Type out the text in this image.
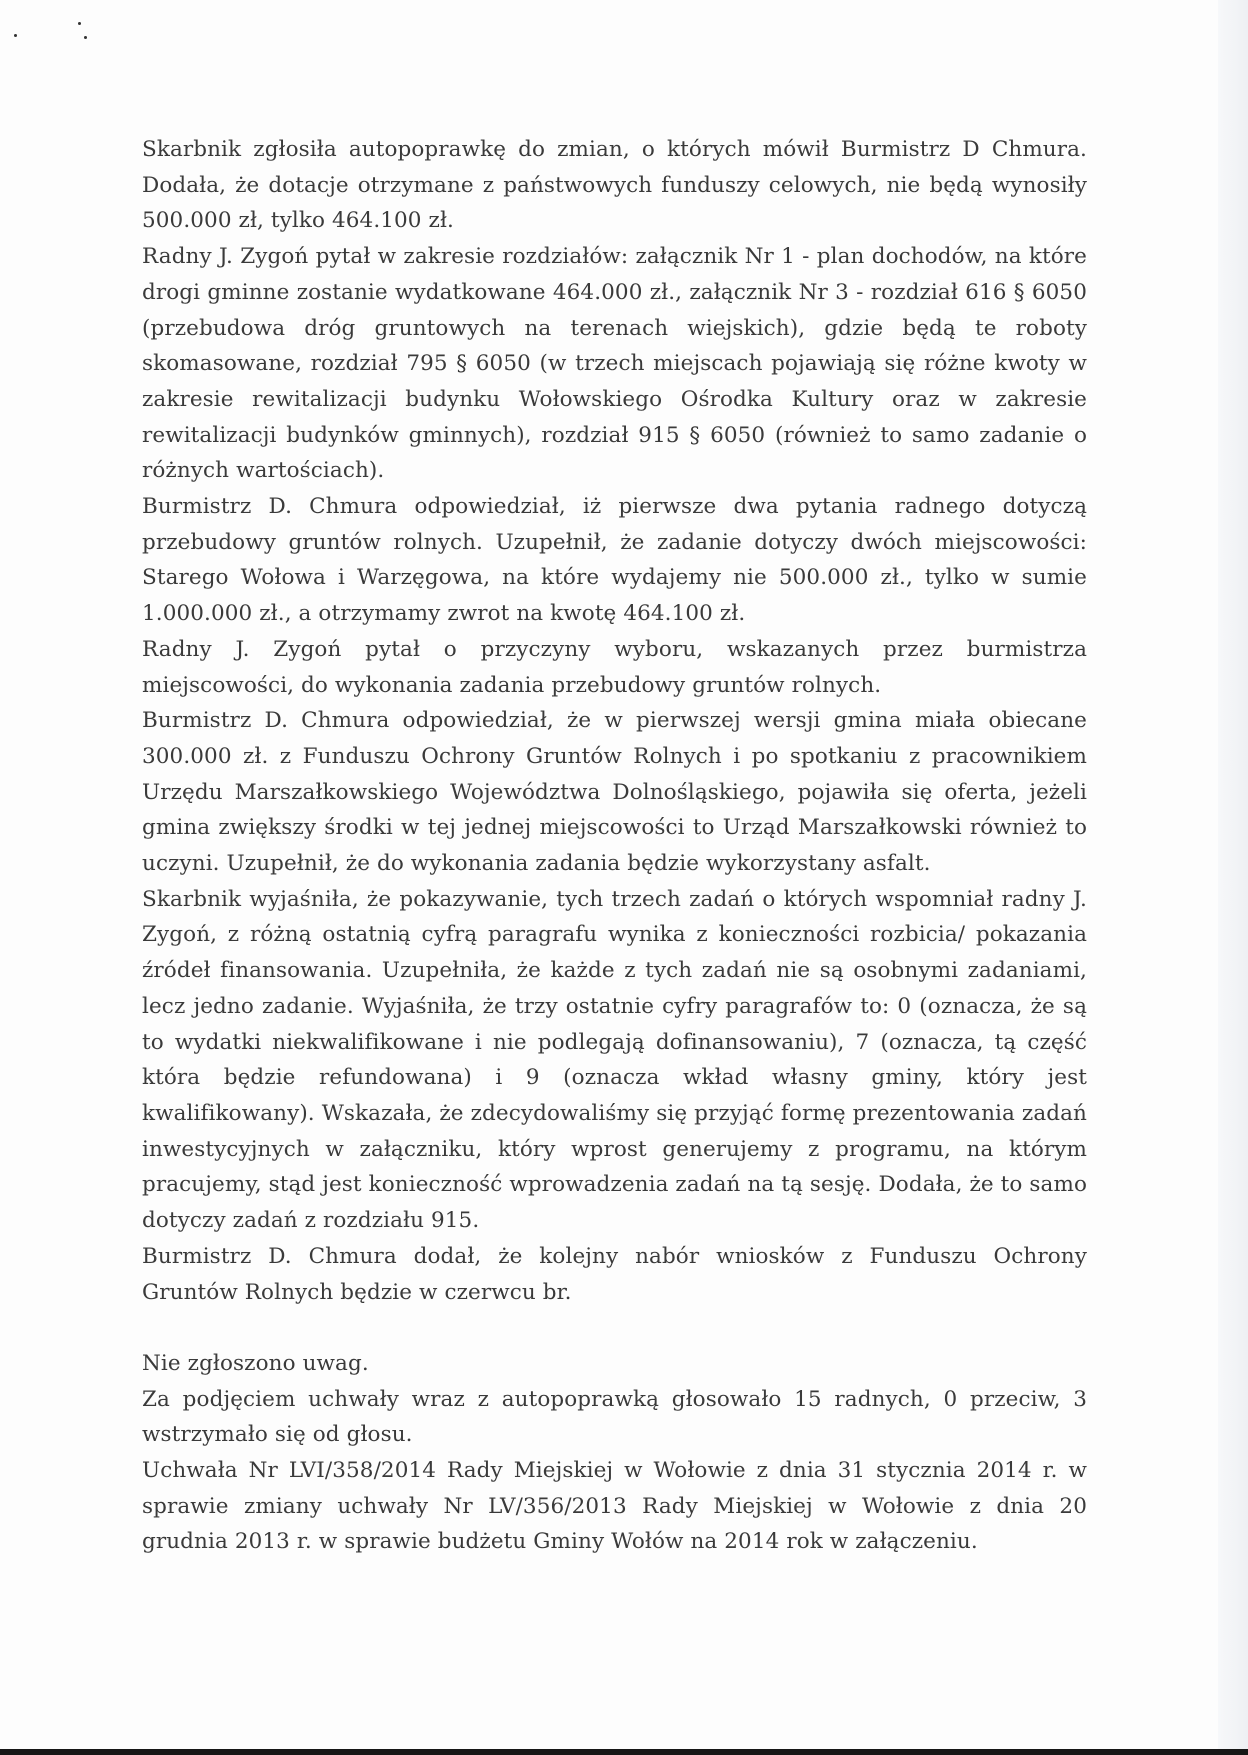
Skarbnik zgłosiła autopoprawkę do zmian, o których mówił Burmistrz D Chmura. Dodała, że dotacje otrzymane z państwowych funduszy celowych, nie będą wynosiły 500.000 zł, tylko 464.100 zł.

Radny J. Zygoń pytał w zakresie rozdziałów: załącznik Nr 1 - plan dochodów, na które drogi gminne zostanie wydatkowane 464.000 zł., załącznik Nr 3 - rozdział 616 § 6050 (przebudowa dróg gruntowych na terenach wiejskich), gdzie będą te roboty skomasowane, rozdział 795 § 6050 (w trzech miejscach pojawiają się różne kwoty w zakresie rewitalizacji budynku Wołowskiego Ośrodka Kultury oraz w zakresie rewitalizacji budynków gminnych), rozdział 915 § 6050 (również to samo zadanie o różnych wartościach).

Burmistrz D. Chmura odpowiedział, iż pierwsze dwa pytania radnego dotyczą przebudowy gruntów rolnych. Uzupełnił, że zadanie dotyczy dwóch miejscowości: Starego Wołowa i Warzęgowa, na które wydajemy nie 500.000 zł., tylko w sumie 1.000.000 zł., a otrzymamy zwrot na kwotę 464.100 zł.

Radny J. Zygoń pytał o przyczyny wyboru, wskazanych przez burmistrza miejscowości, do wykonania zadania przebudowy gruntów rolnych.

Burmistrz D. Chmura odpowiedział, że w pierwszej wersji gmina miała obiecane 300.000 zł. z Funduszu Ochrony Gruntów Rolnych i po spotkaniu z pracownikiem Urzędu Marszałkowskiego Województwa Dolnośląskiego, pojawiła się oferta, jeżeli gmina zwiększy środki w tej jednej miejscowości to Urząd Marszałkowski również to uczyni. Uzupełnił, że do wykonania zadania będzie wykorzystany asfalt.

Skarbnik wyjaśniła, że pokazywanie, tych trzech zadań o których wspomniał radny J. Zygoń, z różną ostatnią cyfrą paragrafu wynika z konieczności rozbicia/ pokazania źródeł finansowania. Uzupełniła, że każde z tych zadań nie są osobnymi zadaniami, lecz jedno zadanie. Wyjaśniła, że trzy ostatnie cyfry paragrafów to: 0 (oznacza, że są to wydatki niekwalifikowane i nie podlegają dofinansowaniu), 7 (oznacza, tą część która będzie refundowana) i 9 (oznacza wkład własny gminy, który jest kwalifikowany). Wskazała, że zdecydowaliśmy się przyjąć formę prezentowania zadań inwestycyjnych w załączniku, który wprost generujemy z programu, na którym pracujemy, stąd jest konieczność wprowadzenia zadań na tą sesję. Dodała, że to samo dotyczy zadań z rozdziału 915.

Burmistrz D. Chmura dodał, że kolejny nabór wniosków z Funduszu Ochrony Gruntów Rolnych będzie w czerwcu br.

Nie zgłoszono uwag.

Za podjęciem uchwały wraz z autopoprawką głosowało 15 radnych, 0 przeciw, 3 wstrzymało się od głosu.

Uchwała Nr LVI/358/2014 Rady Miejskiej w Wołowie z dnia 31 stycznia 2014 r. w sprawie zmiany uchwały Nr LV/356/2013 Rady Miejskiej w Wołowie z dnia 20 grudnia 2013 r. w sprawie budżetu Gminy Wołów na 2014 rok w załączeniu.
